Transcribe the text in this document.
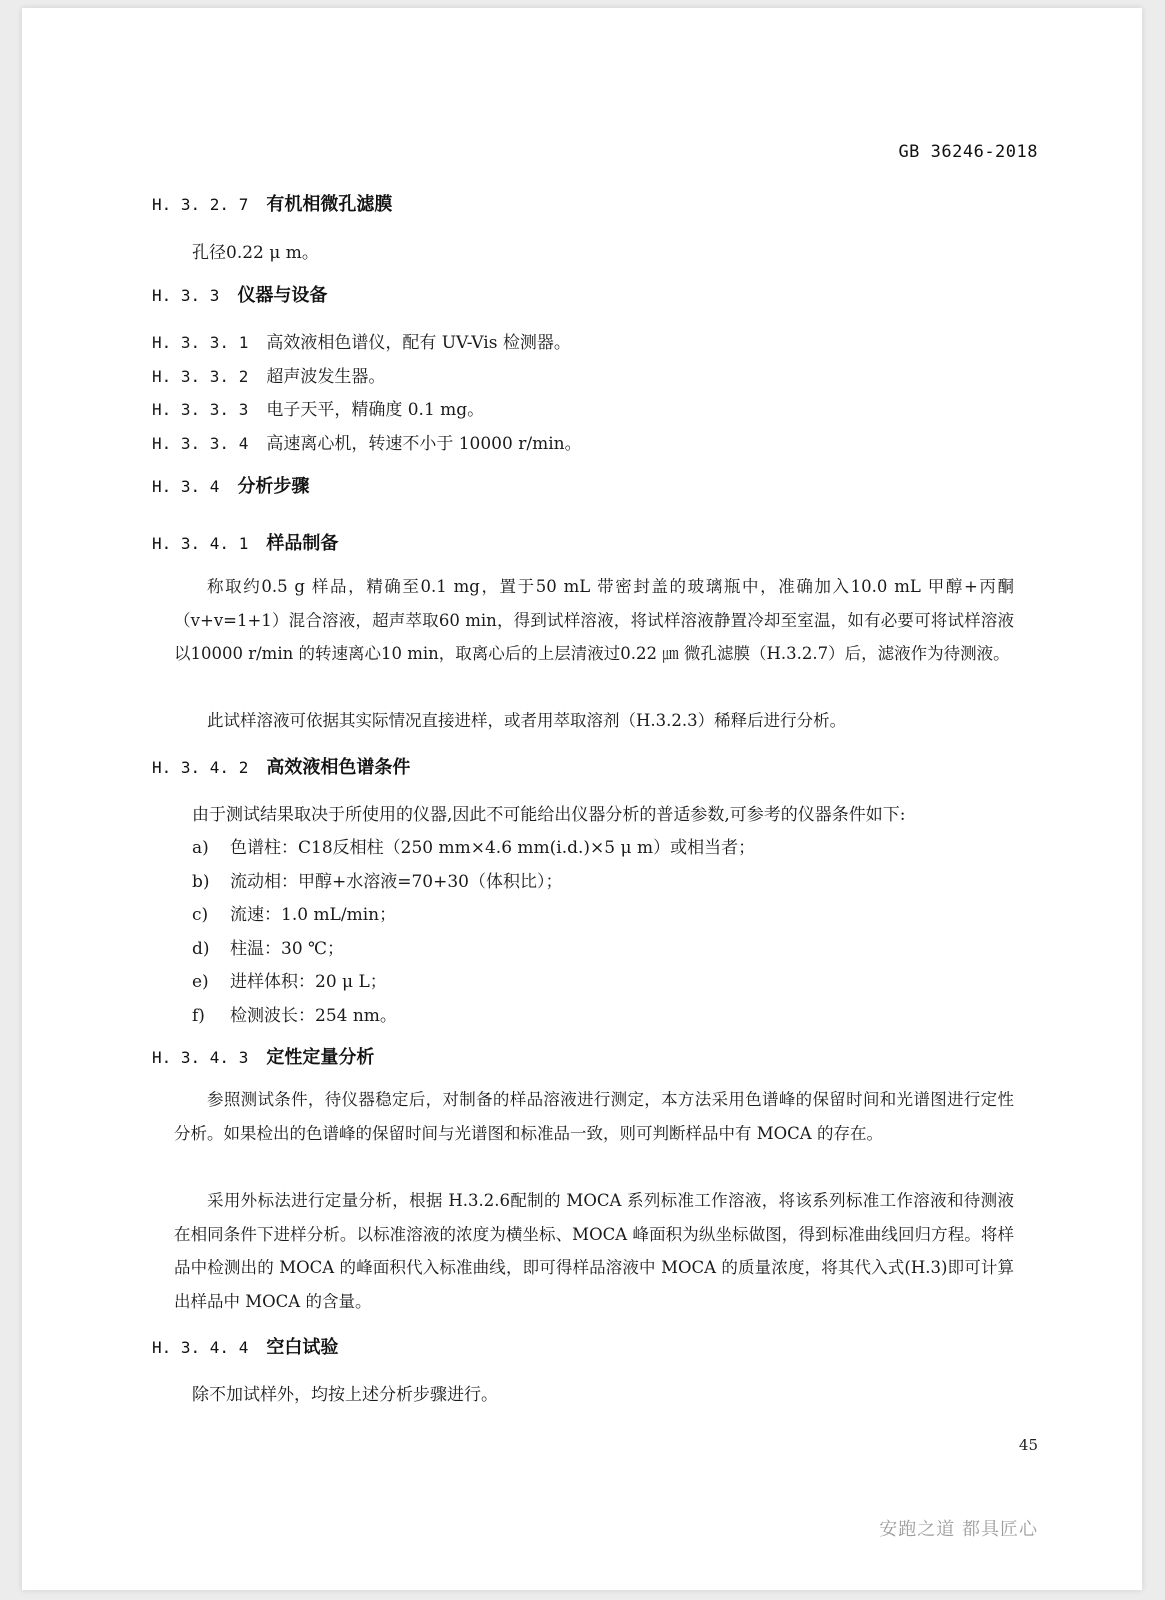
GB 36246-2018
H. 3. 2. 7 有机相微孔滤膜
孔径0.22 μ m。
H. 3. 3 仪器与设备
H. 3. 3. 1 高效液相色谱仪，配有 UV-Vis 检测器。
H. 3. 3. 2 超声波发生器。
H. 3. 3. 3 电子天平，精确度 0.1 mg。
H. 3. 3. 4 高速离心机，转速不小于 10000 r/min。
H. 3. 4 分析步骤
H. 3. 4. 1 样品制备

称取约0.5 g 样品，精确至0.1 mg，置于50 mL 带密封盖的玻璃瓶中，准确加入10.0 mL 甲醇+丙酮（v+v=1+1）混合溶液，超声萃取60 min，得到试样溶液，将试样溶液静置冷却至室温，如有必要可将试样溶液以10000 r/min 的转速离心10 min，取离心后的上层清液过0.22 ㎛ 微孔滤膜（H.3.2.7）后，滤液作为待测液。

此试样溶液可依据其实际情况直接进样，或者用萃取溶剂（H.3.2.3）稀释后进行分析。

H. 3. 4. 2 高效液相色谱条件
由于测试结果取决于所使用的仪器,因此不可能给出仪器分析的普适参数,可参考的仪器条件如下:
a) 色谱柱：C18反相柱（250 mm×4.6 mm(i.d.)×5 μ m）或相当者；
b) 流动相：甲醇+水溶液=70+30（体积比）；
c) 流速：1.0 mL/min；
d) 柱温：30 ℃；
e) 进样体积：20 μ L；
f) 检测波长：254 nm。
H. 3. 4. 3 定性定量分析

参照测试条件，待仪器稳定后，对制备的样品溶液进行测定，本方法采用色谱峰的保留时间和光谱图进行定性分析。如果检出的色谱峰的保留时间与光谱图和标准品一致，则可判断样品中有 MOCA 的存在。

采用外标法进行定量分析，根据 H.3.2.6配制的 MOCA 系列标准工作溶液，将该系列标准工作溶液和待测液在相同条件下进样分析。以标准溶液的浓度为横坐标、MOCA 峰面积为纵坐标做图，得到标准曲线回归方程。将样品中检测出的 MOCA 的峰面积代入标准曲线，即可得样品溶液中 MOCA 的质量浓度，将其代入式(H.3)即可计算出样品中 MOCA 的含量。

H. 3. 4. 4 空白试验
除不加试样外，均按上述分析步骤进行。
45
安跑之道 都具匠心
